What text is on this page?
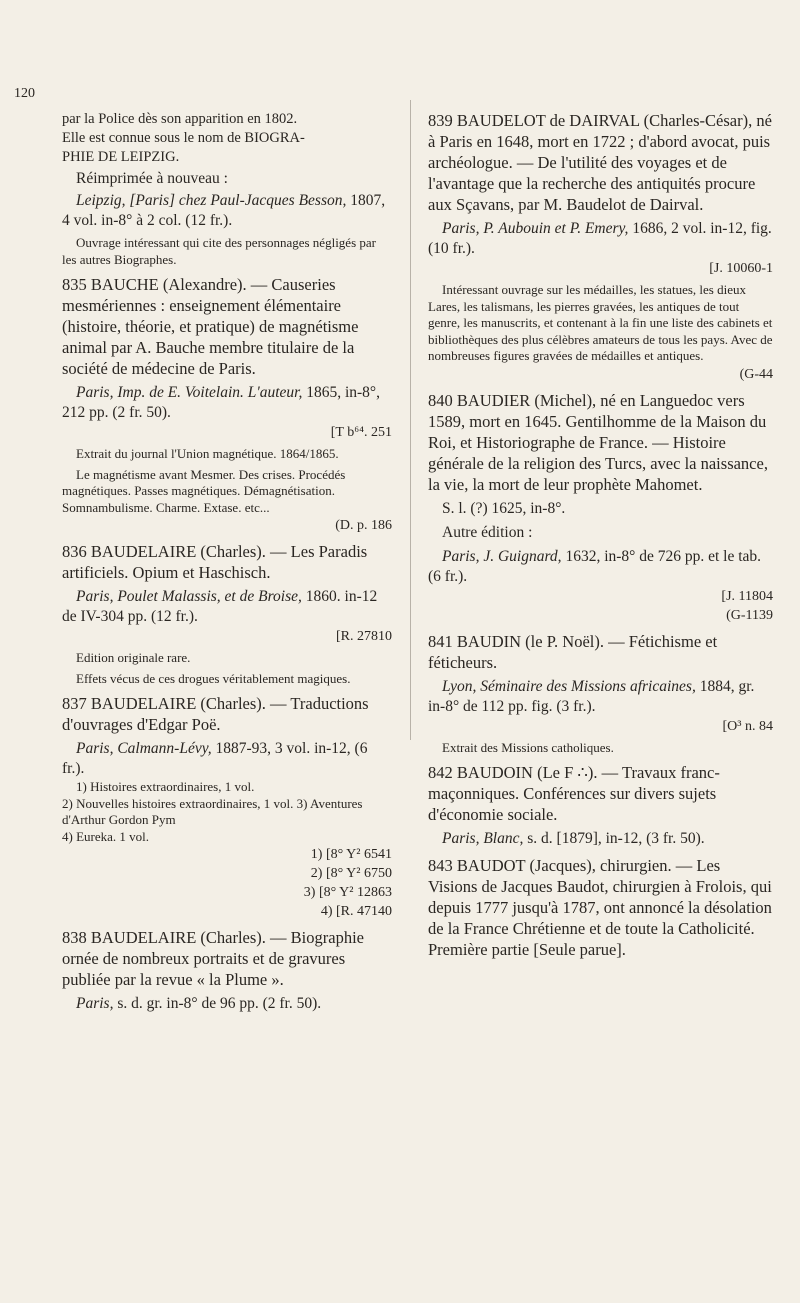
120

par la Police dès son apparition en 1802.

Elle est connue sous le nom de BIOGRA-

PHIE DE LEIPZIG.

Réimprimée à nouveau :

Leipzig, [Paris] chez Paul-Jacques Besson, 1807, 4 vol. in-8° à 2 col. (12 fr.).

Ouvrage intéressant qui cite des personnages négligés par les autres Biographes.

835 BAUCHE (Alexandre). — Causeries mesmériennes : enseignement élémentaire (histoire, théorie, et pratique) de magnétisme animal par A. Bauche membre titulaire de la société de médecine de Paris.

Paris, Imp. de E. Voitelain. L'auteur, 1865, in-8°, 212 pp. (2 fr. 50).

[T b⁶⁴. 251

Extrait du journal l'Union magnétique. 1864/1865.

Le magnétisme avant Mesmer. Des crises. Procédés magnétiques. Passes magnétiques. Démagnétisation. Somnambulisme. Charme. Extase. etc...

(D. p. 186

836 BAUDELAIRE (Charles). — Les Paradis artificiels. Opium et Haschisch.

Paris, Poulet Malassis, et de Broise, 1860. in-12 de IV-304 pp. (12 fr.).

[R. 27810

Edition originale rare.

Effets vécus de ces drogues véritablement magiques.

837 BAUDELAIRE (Charles). — Traductions d'ouvrages d'Edgar Poë.

Paris, Calmann-Lévy, 1887-93, 3 vol. in-12, (6 fr.).

1) Histoires extraordinaires, 1 vol.

2) Nouvelles histoires extraordinaires, 1 vol. 3) Aventures d'Arthur Gordon Pym

4) Eureka. 1 vol.

1) [8° Y² 6541

2) [8° Y² 6750

3) [8° Y² 12863

4) [R. 47140

838 BAUDELAIRE (Charles). — Biographie ornée de nombreux portraits et de gravures publiée par la revue « la Plume ».

Paris, s. d. gr. in-8° de 96 pp. (2 fr. 50).

839 BAUDELOT de DAIRVAL (Charles-César), né à Paris en 1648, mort en 1722 ; d'abord avocat, puis archéologue. — De l'utilité des voyages et de l'avantage que la recherche des antiquités procure aux Sçavans, par M. Baudelot de Dairval.

Paris, P. Aubouin et P. Emery, 1686, 2 vol. in-12, fig. (10 fr.).

[J. 10060-1

Intéressant ouvrage sur les médailles, les statues, les dieux Lares, les talismans, les pierres gravées, les antiques de tout genre, les manuscrits, et contenant à la fin une liste des cabinets et bibliothèques des plus célèbres amateurs de tous les pays. Avec de nombreuses figures gravées de médailles et antiques.

(G-44

840 BAUDIER (Michel), né en Languedoc vers 1589, mort en 1645. Gentilhomme de la Maison du Roi, et Historiographe de France. — Histoire générale de la religion des Turcs, avec la naissance, la vie, la mort de leur prophète Mahomet.

S. l. (?) 1625, in-8°.

Autre édition :

Paris, J. Guignard, 1632, in-8° de 726 pp. et le tab. (6 fr.).

[J. 11804

(G-1139

841 BAUDIN (le P. Noël). — Fétichisme et féticheurs.

Lyon, Séminaire des Missions africaines, 1884, gr. in-8° de 112 pp. fig. (3 fr.).

[O³ n. 84

Extrait des Missions catholiques.

842 BAUDOIN (Le F ∴). — Travaux franc-maçonniques. Conférences sur divers sujets d'économie sociale.

Paris, Blanc, s. d. [1879], in-12, (3 fr. 50).

843 BAUDOT (Jacques), chirurgien. — Les Visions de Jacques Baudot, chirurgien à Frolois, qui depuis 1777 jusqu'à 1787, ont annoncé la désolation de la France Chrétienne et de toute la Catholicité. Première partie [Seule parue].
